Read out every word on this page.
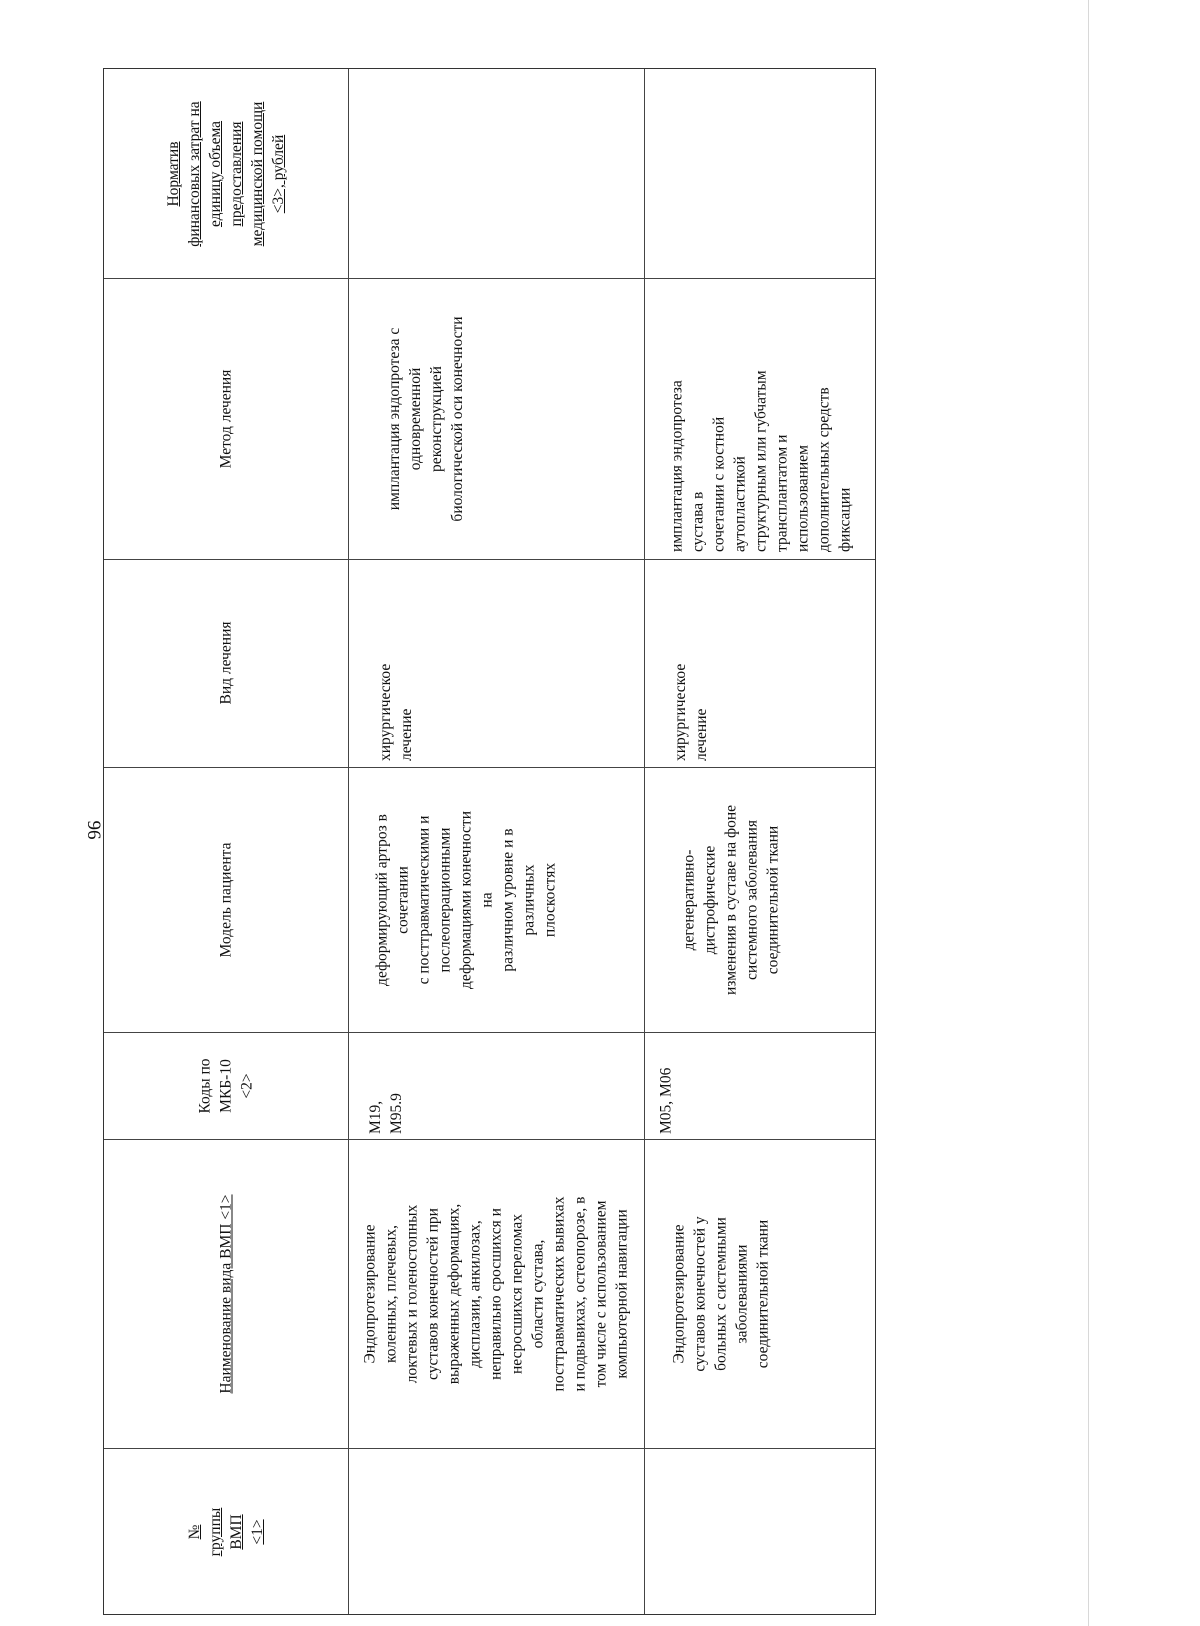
96
Норматив
финансовых затрат на
единицу объема
предоставления
медицинской помощи
<3>, рублей
Метод лечения
Вид лечения
Модель пациента
Коды по
МКБ-10
<2>
Наименование вида ВМП <1>
№
группы
ВМП
<1>
имплантация эндопротеза с
одновременной
реконструкцией
биологической оси конечности
хирургическое
лечение
деформирующий артроз в
сочетании
с посттравматическими и
послеоперационными
деформациями конечности
на
различном уровне и в
различных
плоскостях
M19,
M95.9
Эндопротезирование
коленных, плечевых,
локтевых и голеностопных
суставов конечностей при
выраженных деформациях,
дисплазии, анкилозах,
неправильно сросшихся и
несросшихся переломах
области сустава,
посттравматических вывихах
и подвывихах, остеопорозе, в
том числе с использованием
компьютерной навигации
имплантация эндопротеза
сустава в
сочетании с костной
аутопластикой
структурным или губчатым
трансплантатом и
использованием
дополнительных средств
фиксации
хирургическое
лечение
дегенеративно-
дистрофические
изменения в суставе на фоне
системного заболевания
соединительной ткани
M05, M06
Эндопротезирование
суставов конечностей у
больных с системными
заболеваниями
соединительной ткани
